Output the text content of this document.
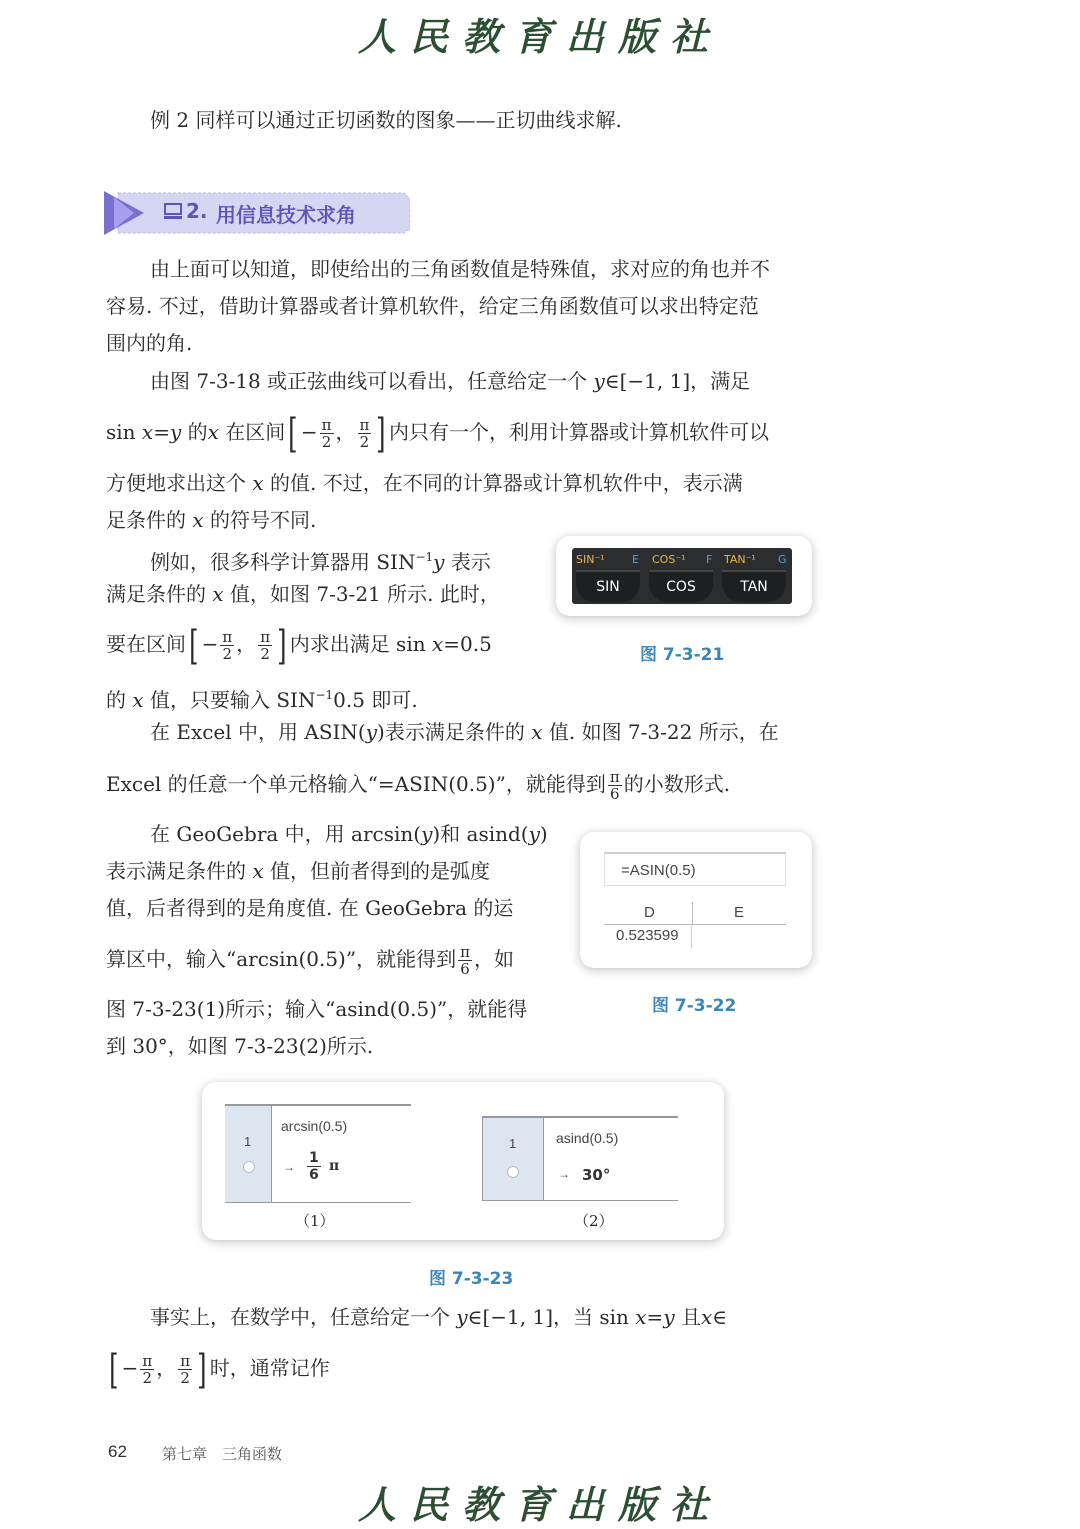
人民教育出版社
例 2 同样可以通过正切函数的图象——正切曲线求解.
2. 用信息技术求角
由上面可以知道，即使给出的三角函数值是特殊值，求对应的角也并不
容易. 不过，借助计算器或者计算机软件，给定三角函数值可以求出特定范
围内的角.
由图 7-3-18 或正弦曲线可以看出，任意给定一个 y∈[−1, 1]，满足
sin x=y 的x 在区间[ − $\frac{\pi}{2}$ ， $\frac{\pi}{2}$ ] 内只有一个，利用计算器或计算机软件可以
方便地求出这个 x 的值. 不过，在不同的计算器或计算机软件中，表示满
足条件的 x 的符号不同.
例如，很多科学计算器用 $SIN^{-1}y$ 表示
满足条件的 x 值，如图 7-3-21 所示. 此时，
要在区间[ − $\frac{\pi}{2}$ ， $\frac{\pi}{2}$ ] 内求出满足 sin x=0.5
的 x 值，只要输入 $SIN^{-1}0.5$ 即可.
SIN⁻¹ E COS⁻¹ F TAN⁻¹ G
SIN	COS	TAN
图 7-3-21
在 Excel 中，用 ASIN(y)表示满足条件的 x 值. 如图 7-3-22 所示，在
Excel 的任意一个单元格输入“=ASIN(0.5)”，就能得到 $\frac{\pi}{6}$ 的小数形式.
在 GeoGebra 中，用 arcsin(y)和 asind(y)
表示满足条件的 x 值，但前者得到的是弧度
值，后者得到的是角度值. 在 GeoGebra 的运
算区中，输入“arcsin(0.5)”，就能得到 $\frac{\pi}{6}$ ，如
图 7-3-23(1)所示；输入“asind(0.5)”，就能得
到 30°，如图 7-3-23(2)所示.
=ASIN(0.5)
D	E
0.523599
图 7-3-22
1
arcsin(0.5)
→ $\frac{1}{6}$ π
（1）
1	asind(0.5)
→ 30°
（2）
图 7-3-23
事实上，在数学中，任意给定一个 y∈[−1, 1]，当 sin x=y 且x∈
[ − $\frac{\pi}{2}$ ， $\frac{\pi}{2}$ ] 时，通常记作
62 第七章　三角函数
人民教育出版社
